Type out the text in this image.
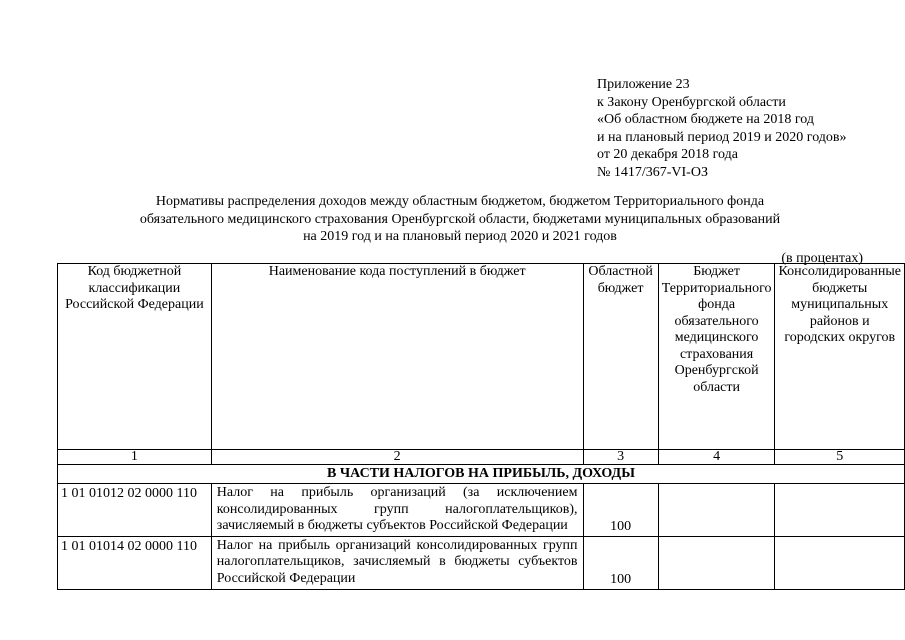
Приложение 23
к Закону Оренбургской области
«Об областном бюджете на 2018 год
и на плановый период 2019 и 2020 годов»
от 20 декабря 2018 года
№ 1417/367-VI-ОЗ
Нормативы распределения доходов между областным бюджетом, бюджетом Территориального фонда
обязательного медицинского страхования Оренбургской области, бюджетами муниципальных образований
на 2019 год и на плановый период 2020 и 2021 годов
(в процентах)
Код бюджетной классификации Российской Федерации	Наименование кода поступлений в бюджет	Областной бюджет	Бюджет Территориального фонда обязательного медицинского страхования Оренбургской области	Консолидированные бюджеты муниципальных районов и городских округов
1	2	3	4	5
В ЧАСТИ НАЛОГОВ НА ПРИБЫЛЬ, ДОХОДЫ				
1 01 01012 02 0000 110	Налог на прибыль организаций (за исключением консолидированных групп налогоплательщиков), зачисляемый в бюджеты субъектов Российской Федерации	100		
1 01 01014 02 0000 110	Налог на прибыль организаций консолидированных групп налогоплательщиков, зачисляемый в бюджеты субъектов Российской Федерации	100		
